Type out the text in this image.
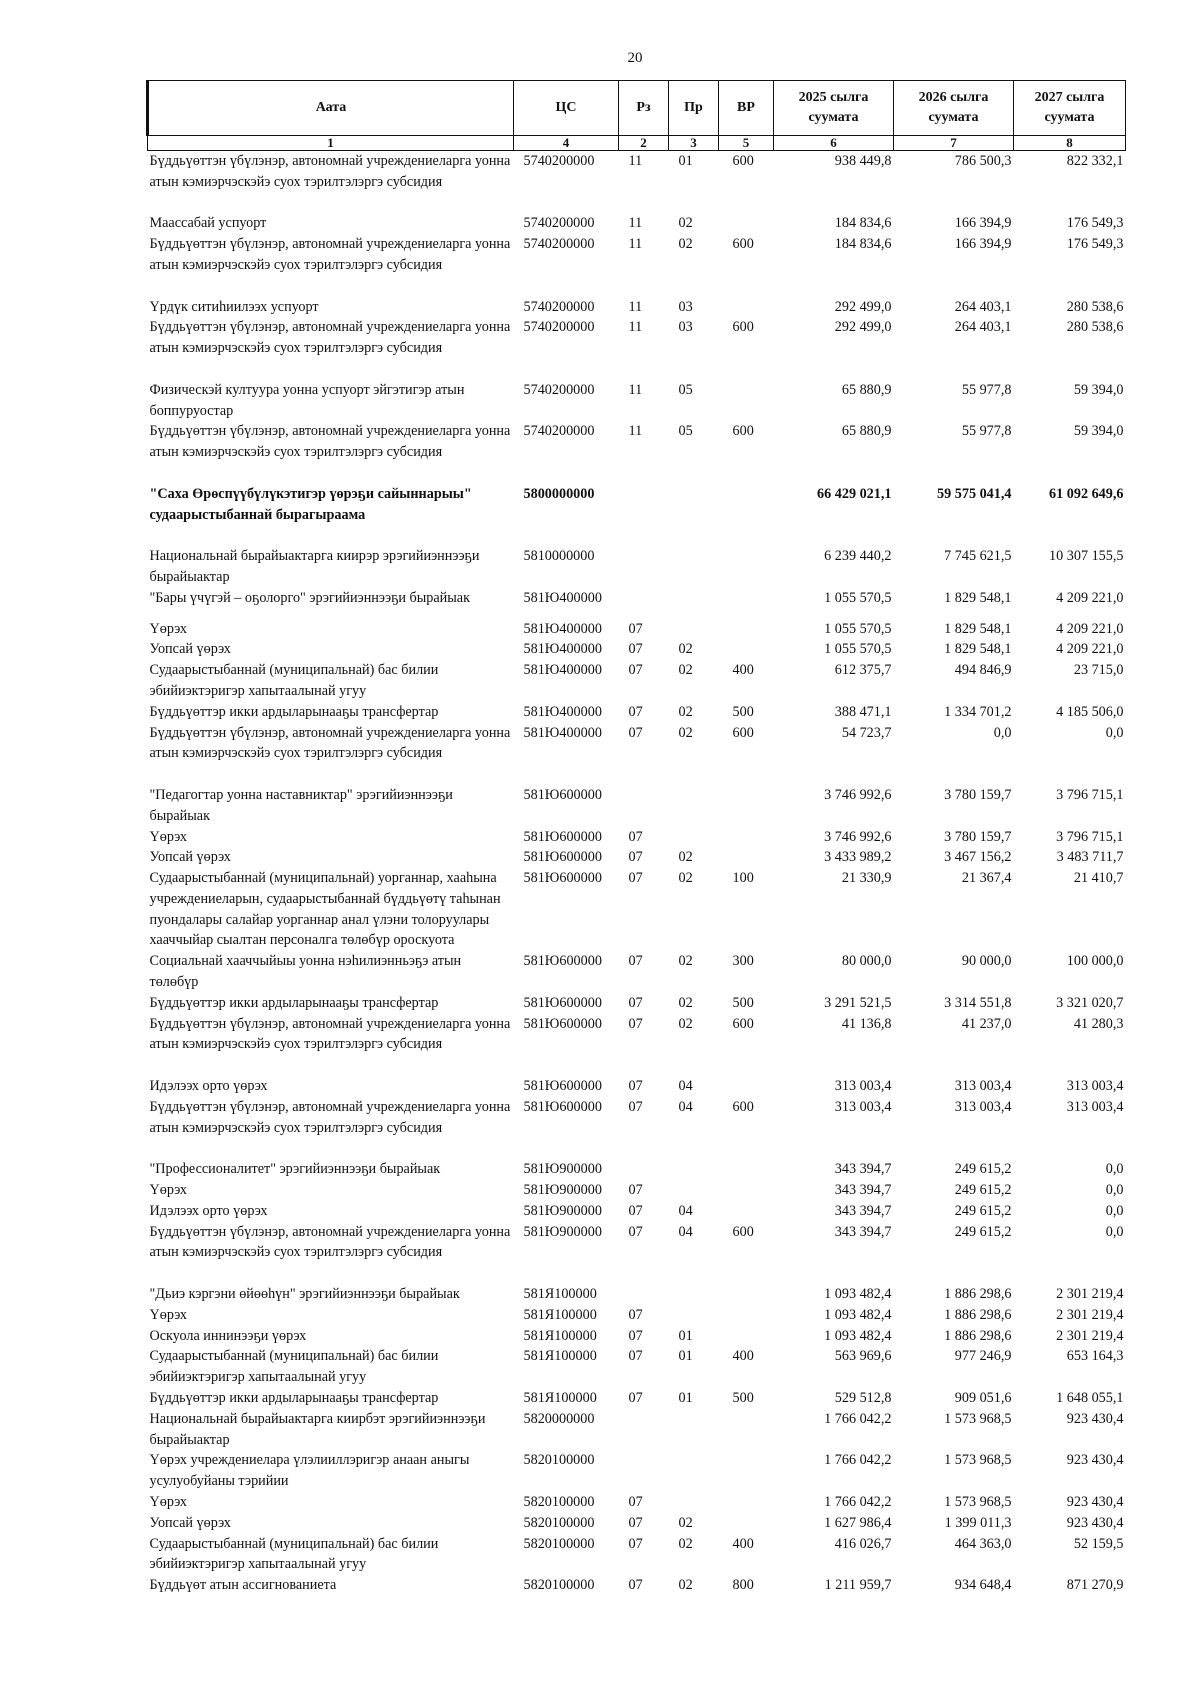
20
Аата	ЦС	Рз	Пр	ВР	2025 сылга суумата	2026 сылга суумата	2027 сылга суумата
1	4	2	3	5	6	7	8
Бүддьүөттэн үбүлэнэр, автономнай учреждениеларга уонна атын кэмиэрчэскэйэ суох тэрилтэлэргэ субсидия	5740200000	11	01	600	938 449,8	786 500,3	822 332,1

Маассабай успуорт	5740200000	11	02		184 834,6	166 394,9	176 549,3
Бүддьүөттэн үбүлэнэр, автономнай учреждениеларга уонна атын кэмиэрчэскэйэ суох тэрилтэлэргэ субсидия	5740200000	11	02	600	184 834,6	166 394,9	176 549,3

Үрдүк ситиһиилээх успуорт	5740200000	11	03		292 499,0	264 403,1	280 538,6
Бүддьүөттэн үбүлэнэр, автономнай учреждениеларга уонна атын кэмиэрчэскэйэ суох тэрилтэлэргэ субсидия	5740200000	11	03	600	292 499,0	264 403,1	280 538,6

Физическэй култуура уонна успуорт эйгэтигэр атын боппуруостар	5740200000	11	05		65 880,9	55 977,8	59 394,0
Бүддьүөттэн үбүлэнэр, автономнай учреждениеларга уонна атын кэмиэрчэскэйэ суох тэрилтэлэргэ субсидия	5740200000	11	05	600	65 880,9	55 977,8	59 394,0

"Саха Өрөспүүбүлүкэтигэр үөрэҕи сайыннарыы" судаарыстыбаннай бырагыраама	5800000000				66 429 021,1	59 575 041,4	61 092 649,6

Национальнай бырайыактарга киирэр эрэгийиэннээҕи бырайыактар	5810000000				6 239 440,2	7 745 621,5	10 307 155,5
"Бары үчүгэй – оҕолорго" эрэгийиэннээҕи бырайыак	581Ю400000				1 055 570,5	1 829 548,1	4 209 221,0

Үөрэх	581Ю400000	07			1 055 570,5	1 829 548,1	4 209 221,0
Уопсай үөрэх	581Ю400000	07	02		1 055 570,5	1 829 548,1	4 209 221,0
Судаарыстыбаннай (муниципальнай) бас билии эбийиэктэригэр хапытаалынай угуу	581Ю400000	07	02	400	612 375,7	494 846,9	23 715,0
Бүддьүөттэр икки ардыларынааҕы трансфертар	581Ю400000	07	02	500	388 471,1	1 334 701,2	4 185 506,0
Бүддьүөттэн үбүлэнэр, автономнай учреждениеларга уонна атын кэмиэрчэскэйэ суох тэрилтэлэргэ субсидия	581Ю400000	07	02	600	54 723,7	0,0	0,0

"Педагогтар уонна наставниктар" эрэгийиэннээҕи бырайыак	581Ю600000				3 746 992,6	3 780 159,7	3 796 715,1
Үөрэх	581Ю600000	07			3 746 992,6	3 780 159,7	3 796 715,1
Уопсай үөрэх	581Ю600000	07	02		3 433 989,2	3 467 156,2	3 483 711,7
Судаарыстыбаннай (муниципальнай) уорганнар, хааһына учреждениеларын, судаарыстыбаннай бүддьүөтү таһынан пуондалары салайар уорганнар анал үлэни толоруулары хааччыйар сыалтан персоналга төлөбүр ороскуота	581Ю600000	07	02	100	21 330,9	21 367,4	21 410,7
Социальнай хааччыйыы уонна нэһилиэнньэҕэ атын төлөбүр	581Ю600000	07	02	300	80 000,0	90 000,0	100 000,0
Бүддьүөттэр икки ардыларынааҕы трансфертар	581Ю600000	07	02	500	3 291 521,5	3 314 551,8	3 321 020,7
Бүддьүөттэн үбүлэнэр, автономнай учреждениеларга уонна атын кэмиэрчэскэйэ суох тэрилтэлэргэ субсидия	581Ю600000	07	02	600	41 136,8	41 237,0	41 280,3

Идэлээх орто үөрэх	581Ю600000	07	04		313 003,4	313 003,4	313 003,4
Бүддьүөттэн үбүлэнэр, автономнай учреждениеларга уонна атын кэмиэрчэскэйэ суох тэрилтэлэргэ субсидия	581Ю600000	07	04	600	313 003,4	313 003,4	313 003,4

"Профессионалитет" эрэгийиэннээҕи бырайыак	581Ю900000				343 394,7	249 615,2	0,0
Үөрэх	581Ю900000	07			343 394,7	249 615,2	0,0
Идэлээх орто үөрэх	581Ю900000	07	04		343 394,7	249 615,2	0,0
Бүддьүөттэн үбүлэнэр, автономнай учреждениеларга уонна атын кэмиэрчэскэйэ суох тэрилтэлэргэ субсидия	581Ю900000	07	04	600	343 394,7	249 615,2	0,0

"Дьиэ кэргэни өйөөһүн" эрэгийиэннээҕи бырайыак	581Я100000				1 093 482,4	1 886 298,6	2 301 219,4
Үөрэх	581Я100000	07			1 093 482,4	1 886 298,6	2 301 219,4
Оскуола иннинээҕи үөрэх	581Я100000	07	01		1 093 482,4	1 886 298,6	2 301 219,4
Судаарыстыбаннай (муниципальнай) бас билии эбийиэктэригэр хапытаалынай угуу	581Я100000	07	01	400	563 969,6	977 246,9	653 164,3
Бүддьүөттэр икки ардыларынааҕы трансфертар	581Я100000	07	01	500	529 512,8	909 051,6	1 648 055,1
Национальнай бырайыактарга киирбэт эрэгийиэннээҕи бырайыактар	5820000000				1 766 042,2	1 573 968,5	923 430,4
Үөрэх учреждениелара үлэлииллэригэр анаан аныгы усулуобуйаны тэрийии	5820100000				1 766 042,2	1 573 968,5	923 430,4
Үөрэх	5820100000	07			1 766 042,2	1 573 968,5	923 430,4
Уопсай үөрэх	5820100000	07	02		1 627 986,4	1 399 011,3	923 430,4
Судаарыстыбаннай (муниципальнай) бас билии эбийиэктэригэр хапытаалынай угуу	5820100000	07	02	400	416 026,7	464 363,0	52 159,5
Бүддьүөт атын ассигнованиета	5820100000	07	02	800	1 211 959,7	934 648,4	871 270,9
